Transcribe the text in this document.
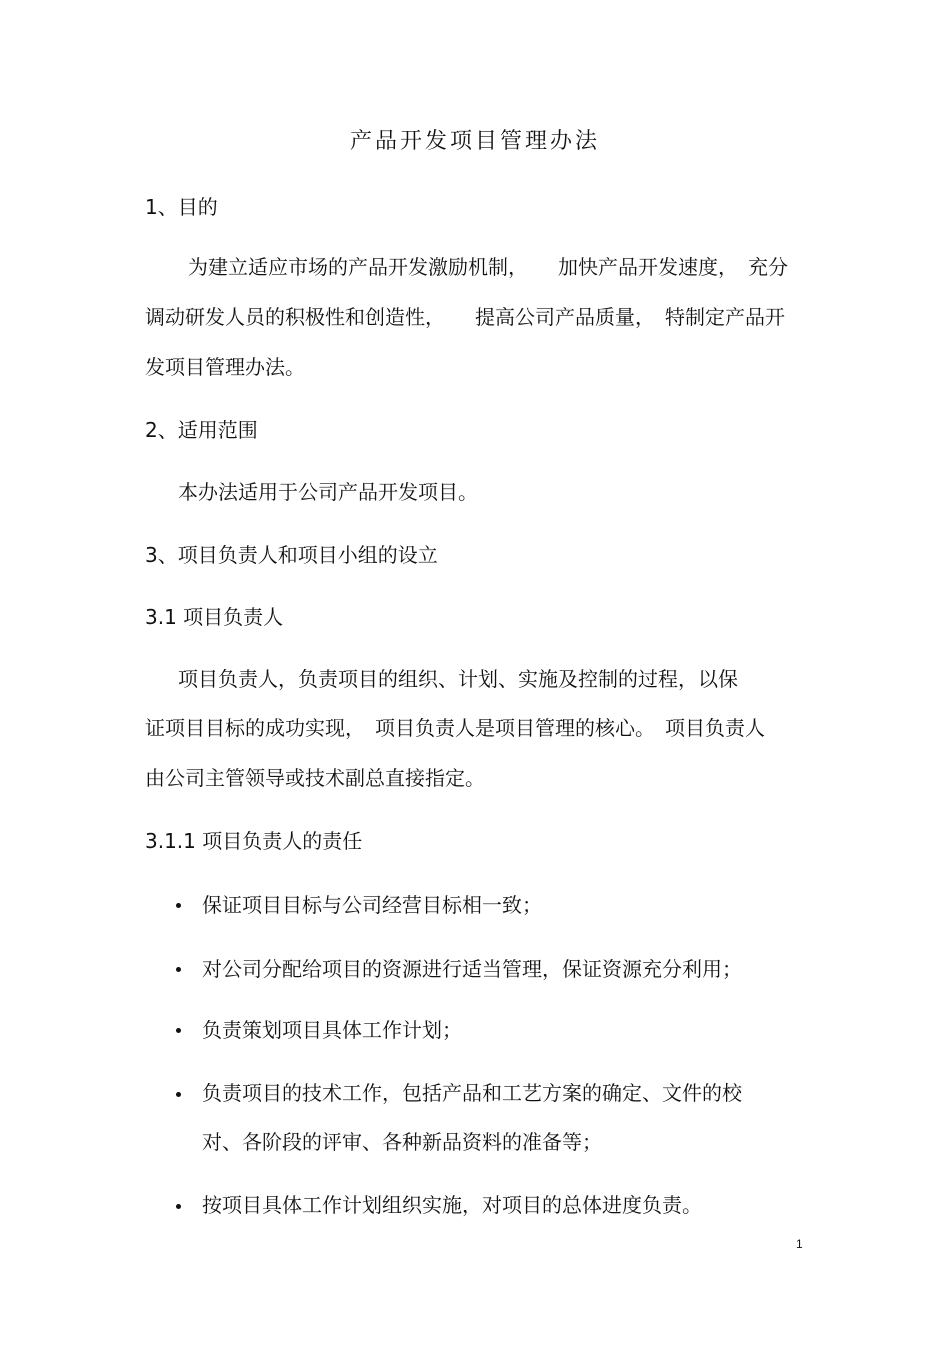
产品开发项目管理办法
1、目的
为建立适应市场的产品开发激励机制，　　加快产品开发速度，　充分
调动研发人员的积极性和创造性，　　提高公司产品质量，　特制定产品开
发项目管理办法。
2、适用范围
本办法适用于公司产品开发项目。
3、项目负责人和项目小组的设立
3.1 项目负责人
项目负责人，负责项目的组织、计划、实施及控制的过程，以保
证项目目标的成功实现，　项目负责人是项目管理的核心。　项目负责人
由公司主管领导或技术副总直接指定。
3.1.1 项目负责人的责任
保证项目目标与公司经营目标相一致；
对公司分配给项目的资源进行适当管理，保证资源充分利用；
负责策划项目具体工作计划；
负责项目的技术工作，包括产品和工艺方案的确定、文件的校
对、各阶段的评审、各种新品资料的准备等；
按项目具体工作计划组织实施，对项目的总体进度负责。
1
